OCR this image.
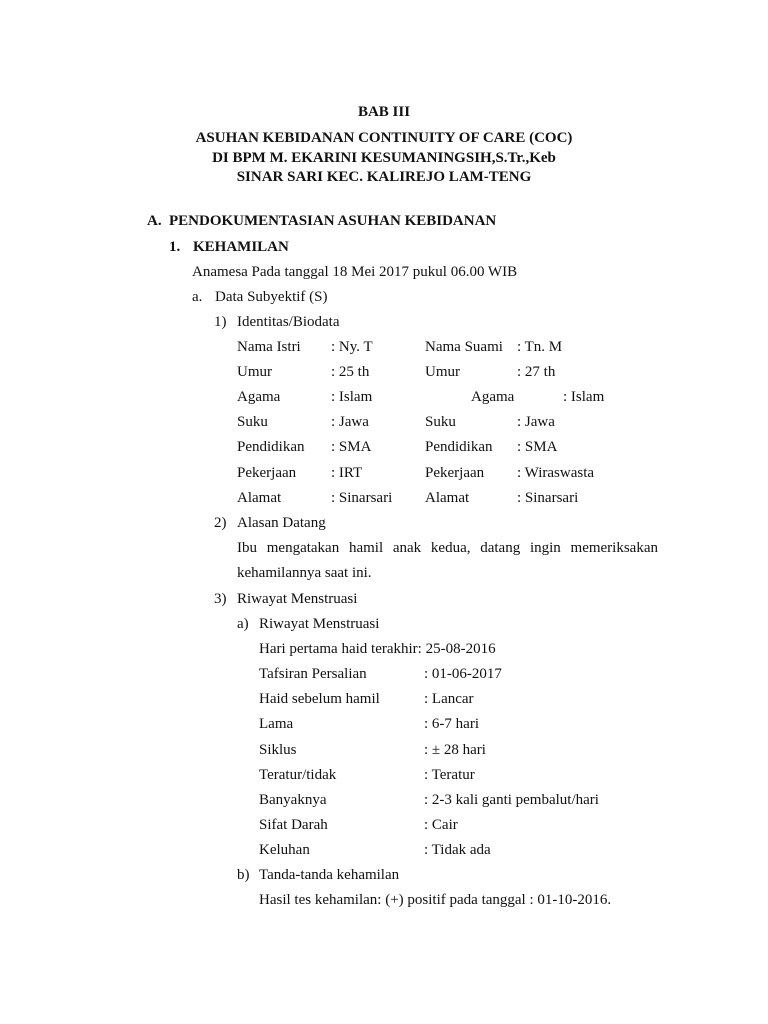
BAB III
ASUHAN KEBIDANAN CONTINUITY OF CARE (COC)
DI BPM M. EKARINI KESUMANINGSIH,S.Tr.,Keb
SINAR SARI KEC. KALIREJO LAM-TENG
A. PENDOKUMENTASIAN ASUHAN KEBIDANAN
1. KEHAMILAN
Anamesa Pada tanggal 18 Mei 2017 pukul 06.00 WIB
a. Data Subyektif (S)
1) Identitas/Biodata
Nama Istri : Ny. T	Nama Suami : Tn. M
Umur	: 25 th	Umur	: 27 th
Agama	: Islam	Agama	: Islam
Suku	: Jawa	Suku	: Jawa
Pendidikan : SMA	Pendidikan : SMA
Pekerjaan : IRT	Pekerjaan : Wiraswasta
Alamat	: Sinarsari Alamat	: Sinarsari
2) Alasan Datang
Ibu mengatakan hamil anak kedua, datang ingin memeriksakan
kehamilannya saat ini.
3) Riwayat Menstruasi
a) Riwayat Menstruasi
Hari pertama haid terakhir: 25-08-2016
Tafsiran Persalian	: 01-06-2017
Haid sebelum hamil	: Lancar
Lama	: 6-7 hari
Siklus	: ± 28 hari
Teratur/tidak	: Teratur
Banyaknya	: 2-3 kali ganti pembalut/hari
Sifat Darah	: Cair
Keluhan	: Tidak ada
b) Tanda-tanda kehamilan
Hasil tes kehamilan: (+) positif pada tanggal : 01-10-2016.
